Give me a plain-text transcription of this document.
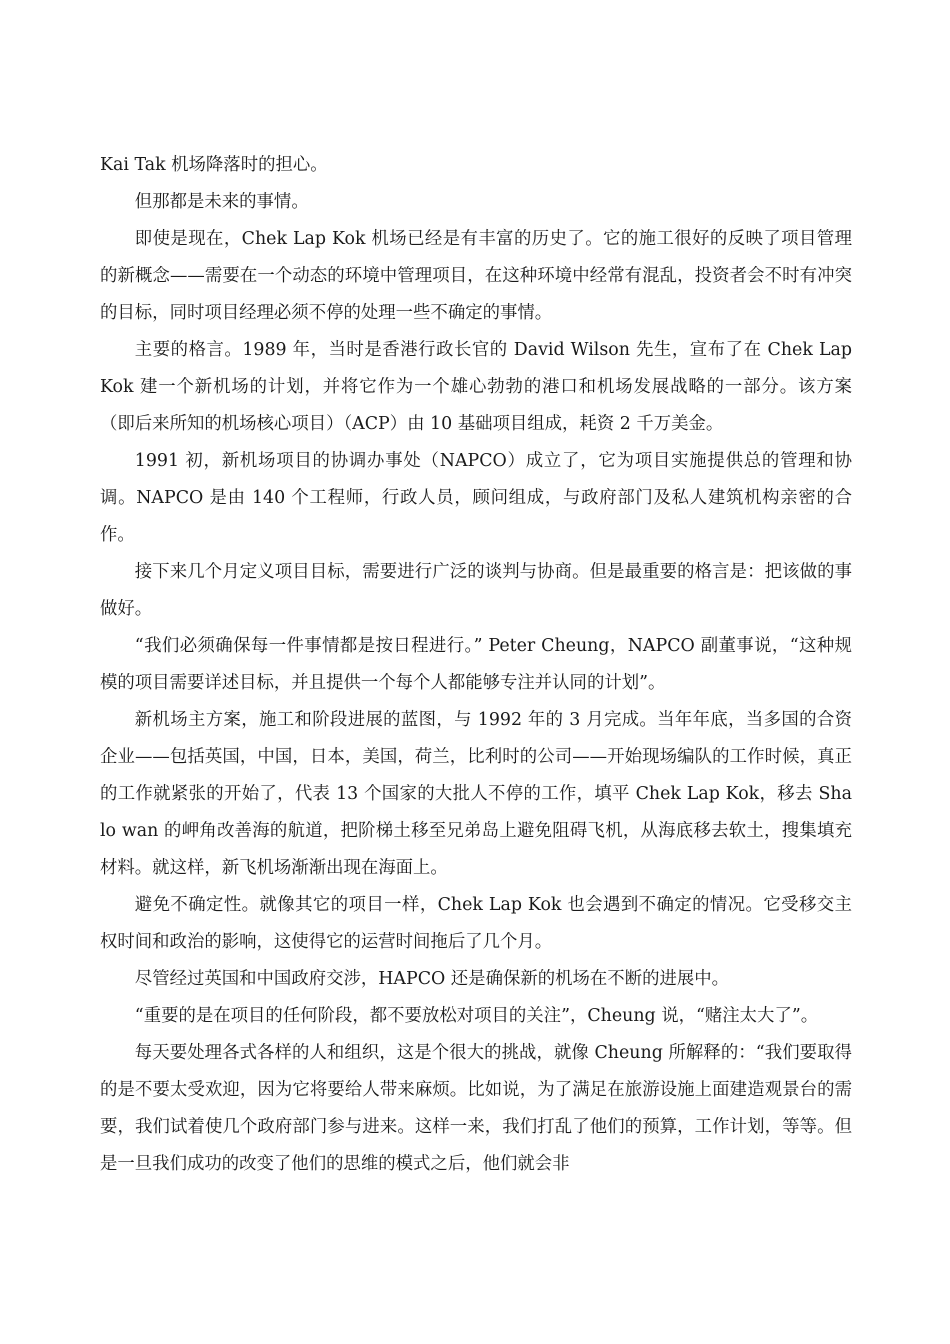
Kai Tak 机场降落时的担心。

但那都是未来的事情。

即使是现在，Chek Lap Kok 机场已经是有丰富的历史了。它的施工很好的反映了项目管理的新概念——需要在一个动态的环境中管理项目，在这种环境中经常有混乱，投资者会不时有冲突的目标，同时项目经理必须不停的处理一些不确定的事情。

主要的格言。1989 年，当时是香港行政长官的 David Wilson 先生，宣布了在 Chek Lap Kok 建一个新机场的计划，并将它作为一个雄心勃勃的港口和机场发展战略的一部分。该方案（即后来所知的机场核心项目）（ACP）由 10 基础项目组成，耗资 2 千万美金。

1991 初，新机场项目的协调办事处（NAPCO）成立了，它为项目实施提供总的管理和协调。NAPCO 是由 140 个工程师，行政人员，顾问组成，与政府部门及私人建筑机构亲密的合作。

接下来几个月定义项目目标，需要进行广泛的谈判与协商。但是最重要的格言是：把该做的事做好。

“我们必须确保每一件事情都是按日程进行。” Peter Cheung，NAPCO 副董事说，“这种规模的项目需要详述目标，并且提供一个每个人都能够专注并认同的计划”。

新机场主方案，施工和阶段进展的蓝图，与 1992 年的 3 月完成。当年年底，当多国的合资企业——包括英国，中国，日本，美国，荷兰，比利时的公司——开始现场编队的工作时候，真正的工作就紧张的开始了，代表 13 个国家的大批人不停的工作，填平 Chek Lap Kok，移去 Sha lo wan 的岬角改善海的航道，把阶梯土移至兄弟岛上避免阻碍飞机，从海底移去软土，搜集填充材料。就这样，新飞机场渐渐出现在海面上。

避免不确定性。就像其它的项目一样，Chek Lap Kok 也会遇到不确定的情况。它受移交主权时间和政治的影响，这使得它的运营时间拖后了几个月。

尽管经过英国和中国政府交涉，HAPCO 还是确保新的机场在不断的进展中。

“重要的是在项目的任何阶段，都不要放松对项目的关注”，Cheung 说，“赌注太大了”。

每天要处理各式各样的人和组织，这是个很大的挑战，就像 Cheung 所解释的：“我们要取得的是不要太受欢迎，因为它将要给人带来麻烦。比如说，为了满足在旅游设施上面建造观景台的需要，我们试着使几个政府部门参与进来。这样一来，我们打乱了他们的预算，工作计划，等等。但是一旦我们成功的改变了他们的思维的模式之后，他们就会非
